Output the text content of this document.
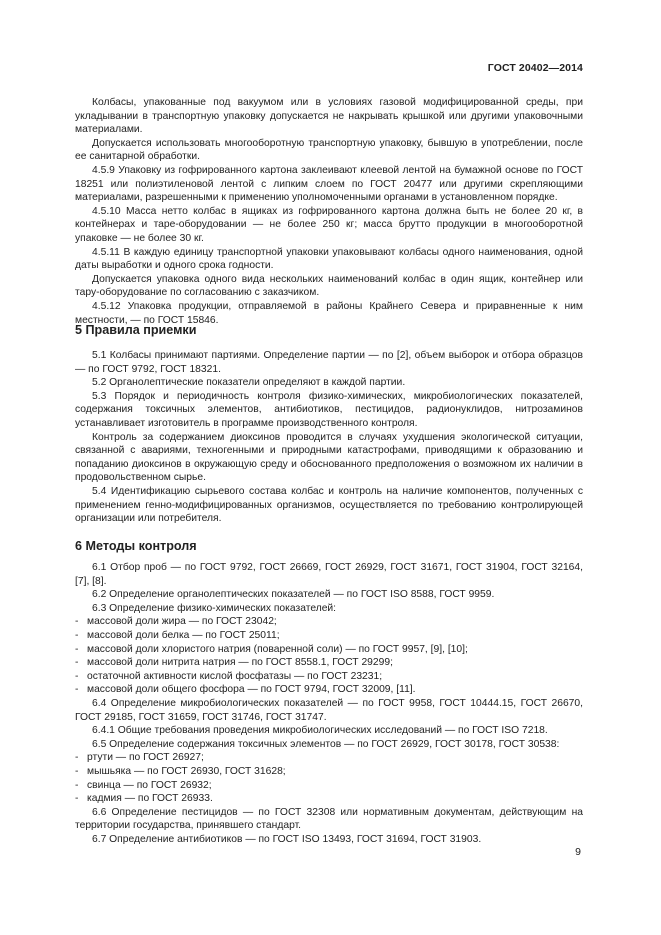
ГОСТ 20402—2014

Колбасы, упакованные под вакуумом или в условиях газовой модифицированной среды, при укладывании в транспортную упаковку допускается не накрывать крышкой или другими упаковочными материалами.

Допускается использовать многооборотную транспортную упаковку, бывшую в употреблении, после ее санитарной обработки.

4.5.9 Упаковку из гофрированного картона заклеивают клеевой лентой на бумажной основе по ГОСТ 18251 или полиэтиленовой лентой с липким слоем по ГОСТ 20477 или другими скрепляющими материалами, разрешенными к применению уполномоченными органами в установленном порядке.

4.5.10 Масса нетто колбас в ящиках из гофрированного картона должна быть не более 20 кг, в контейнерах и таре-оборудовании — не более 250 кг; масса брутто продукции в многооборотной упаковке — не более 30 кг.

4.5.11 В каждую единицу транспортной упаковки упаковывают колбасы одного наименования, одной даты выработки и одного срока годности.

Допускается упаковка одного вида нескольких наименований колбас в один ящик, контейнер или тару-оборудование по согласованию с заказчиком.

4.5.12 Упаковка продукции, отправляемой в районы Крайнего Севера и приравненные к ним местности, — по ГОСТ 15846.

5 Правила приемки

5.1 Колбасы принимают партиями. Определение партии — по [2], объем выборок и отбора образцов — по ГОСТ 9792, ГОСТ 18321.

5.2 Органолептические показатели определяют в каждой партии.

5.3 Порядок и периодичность контроля физико-химических, микробиологических показателей, содержания токсичных элементов, антибиотиков, пестицидов, радионуклидов, нитрозаминов устанавливает изготовитель в программе производственного контроля.

Контроль за содержанием диоксинов проводится в случаях ухудшения экологической ситуации, связанной с авариями, техногенными и природными катастрофами, приводящими к образованию и попаданию диоксинов в окружающую среду и обоснованного предположения о возможном их наличии в продовольственном сырье.

5.4 Идентификацию сырьевого состава колбас и контроль на наличие компонентов, полученных с применением генно-модифицированных организмов, осуществляется по требованию контролирующей организации или потребителя.

6 Методы контроля

6.1 Отбор проб — по ГОСТ 9792, ГОСТ 26669, ГОСТ 26929, ГОСТ 31671, ГОСТ 31904, ГОСТ 32164, [7], [8].

6.2 Определение органолептических показателей — по ГОСТ ISO 8588, ГОСТ 9959.

6.3 Определение физико-химических показателей:

- массовой доли жира — по ГОСТ 23042;

- массовой доли белка — по ГОСТ 25011;

- массовой доли хлористого натрия (поваренной соли) — по ГОСТ 9957, [9], [10];

- массовой доли нитрита натрия — по ГОСТ 8558.1, ГОСТ 29299;

- остаточной активности кислой фосфатазы — по ГОСТ 23231;

- массовой доли общего фосфора — по ГОСТ 9794, ГОСТ 32009, [11].

6.4 Определение микробиологических показателей — по ГОСТ 9958, ГОСТ 10444.15, ГОСТ 26670, ГОСТ 29185, ГОСТ 31659, ГОСТ 31746, ГОСТ 31747.

6.4.1 Общие требования проведения микробиологических исследований — по ГОСТ ISO 7218.

6.5 Определение содержания токсичных элементов — по ГОСТ 26929, ГОСТ 30178, ГОСТ 30538:

- ртути — по ГОСТ 26927;

- мышьяка — по ГОСТ 26930, ГОСТ 31628;

- свинца — по ГОСТ 26932;

- кадмия — по ГОСТ 26933.

6.6 Определение пестицидов — по ГОСТ 32308 или нормативным документам, действующим на территории государства, принявшего стандарт.

6.7 Определение антибиотиков — по ГОСТ ISO 13493, ГОСТ 31694, ГОСТ 31903.

9
